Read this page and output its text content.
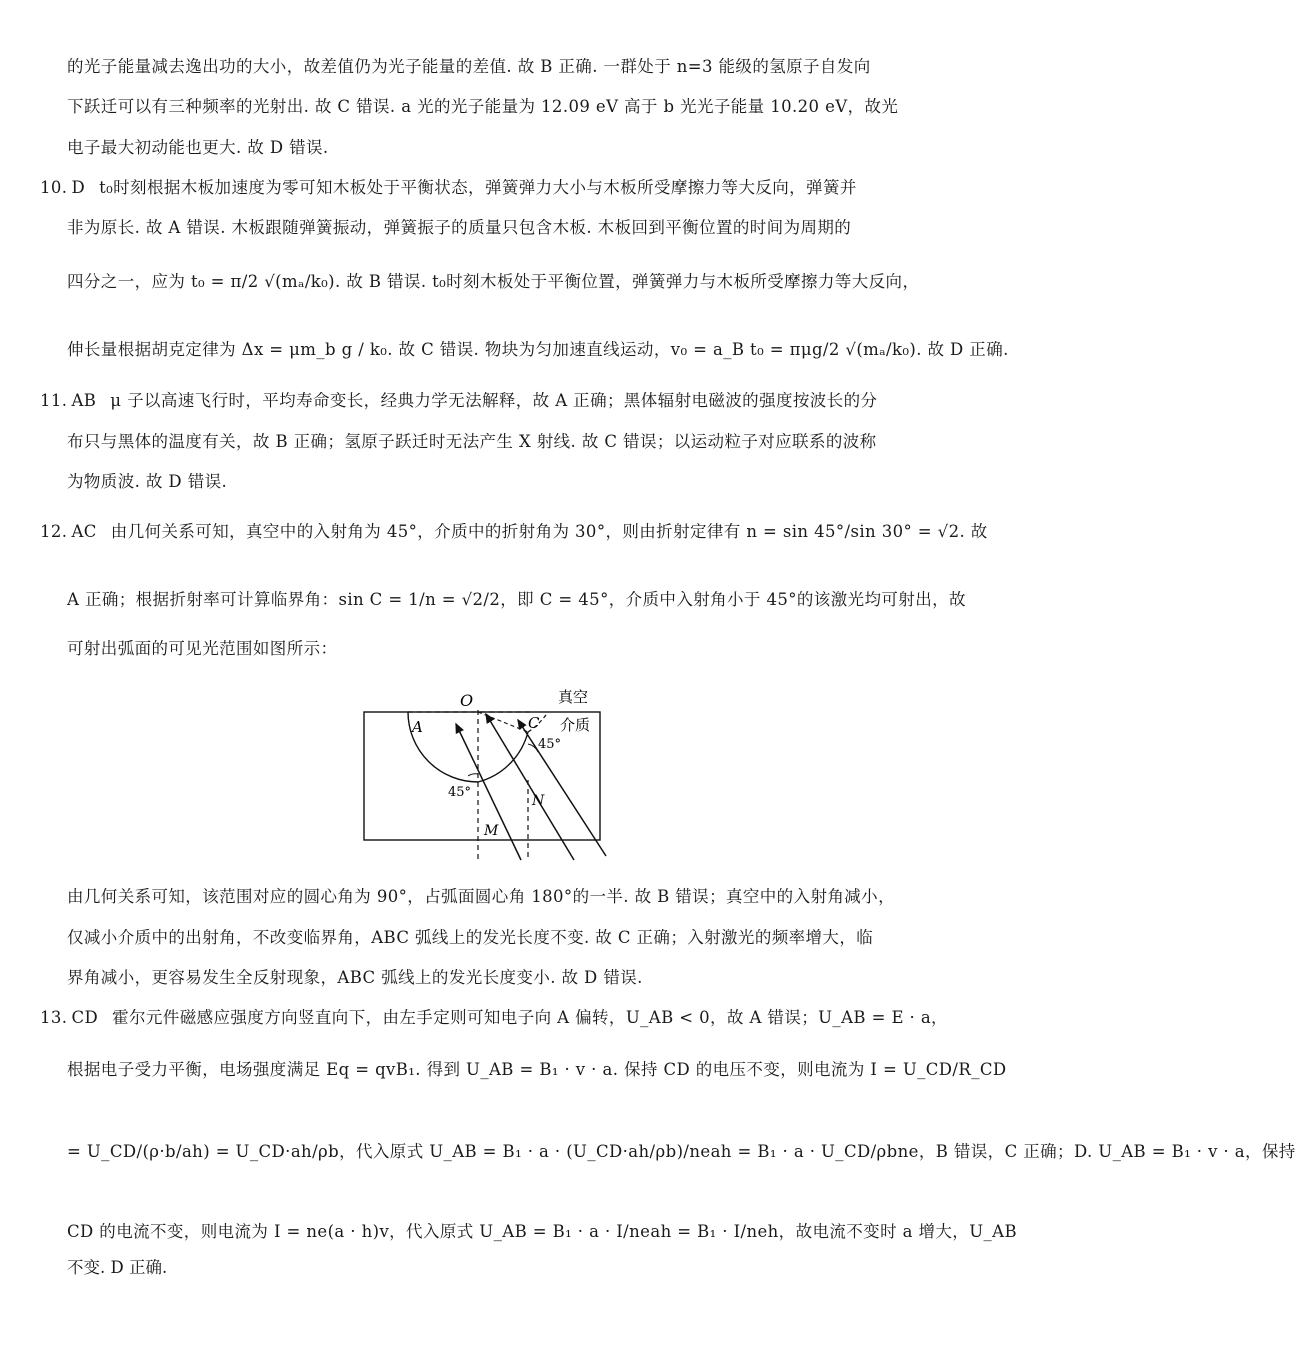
的光子能量减去逸出功的大小，故差值仍为光子能量的差值. 故 B 正确. 一群处于 n=3 能级的氢原子自发向
下跃迁可以有三种频率的光射出. 故 C 错误. a 光的光子能量为 12.09 eV 高于 b 光光子能量 10.20 eV，故光
电子最大初动能也更大. 故 D 错误.
10. D t₀时刻根据木板加速度为零可知木板处于平衡状态，弹簧弹力大小与木板所受摩擦力等大反向，弹簧并
非为原长. 故 A 错误. 木板跟随弹簧振动，弹簧振子的质量只包含木板. 木板回到平衡位置的时间为周期的
四分之一，应为 t₀ = π/2 √(mₐ/k₀). 故 B 错误. t₀时刻木板处于平衡位置，弹簧弹力与木板所受摩擦力等大反向，
伸长量根据胡克定律为 Δx = μm_b g / k₀. 故 C 错误. 物块为匀加速直线运动，v₀ = a_B t₀ = πμg/2 √(mₐ/k₀). 故 D 正确.
11. AB μ 子以高速飞行时，平均寿命变长，经典力学无法解释，故 A 正确；黑体辐射电磁波的强度按波长的分
布只与黑体的温度有关，故 B 正确；氢原子跃迁时无法产生 X 射线. 故 C 错误；以运动粒子对应联系的波称
为物质波. 故 D 错误.
12. AC 由几何关系可知，真空中的入射角为 45°，介质中的折射角为 30°，则由折射定律有 n = sin 45°/sin 30° = √2. 故
A 正确；根据折射率可计算临界角：sin C = 1/n = √2/2，即 C = 45°，介质中入射角小于 45°的该激光均可射出，故
可射出弧面的可见光范围如图所示：
O
A	C
N
M
真空
介质
45°
45°
由几何关系可知，该范围对应的圆心角为 90°，占弧面圆心角 180°的一半. 故 B 错误；真空中的入射角减小，
仅减小介质中的出射角，不改变临界角，ABC 弧线上的发光长度不变. 故 C 正确；入射激光的频率增大，临
界角减小，更容易发生全反射现象，ABC 弧线上的发光长度变小. 故 D 错误.
13. CD 霍尔元件磁感应强度方向竖直向下，由左手定则可知电子向 A 偏转，U_AB < 0，故 A 错误；U_AB = E · a，
根据电子受力平衡，电场强度满足 Eq = qvB₁. 得到 U_AB = B₁ · v · a. 保持 CD 的电压不变，则电流为 I = U_CD/R_CD
= U_CD/(ρ·b/ah) = U_CD·ah/ρb，代入原式 U_AB = B₁ · a · (U_CD·ah/ρb)/neah = B₁ · a · U_CD/ρbne，B 错误，C 正确；D. U_AB = B₁ · v · a，保持
CD 的电流不变，则电流为 I = ne(a · h)v，代入原式 U_AB = B₁ · a · I/neah = B₁ · I/neh，故电流不变时 a 增大，U_AB
不变. D 正确.
